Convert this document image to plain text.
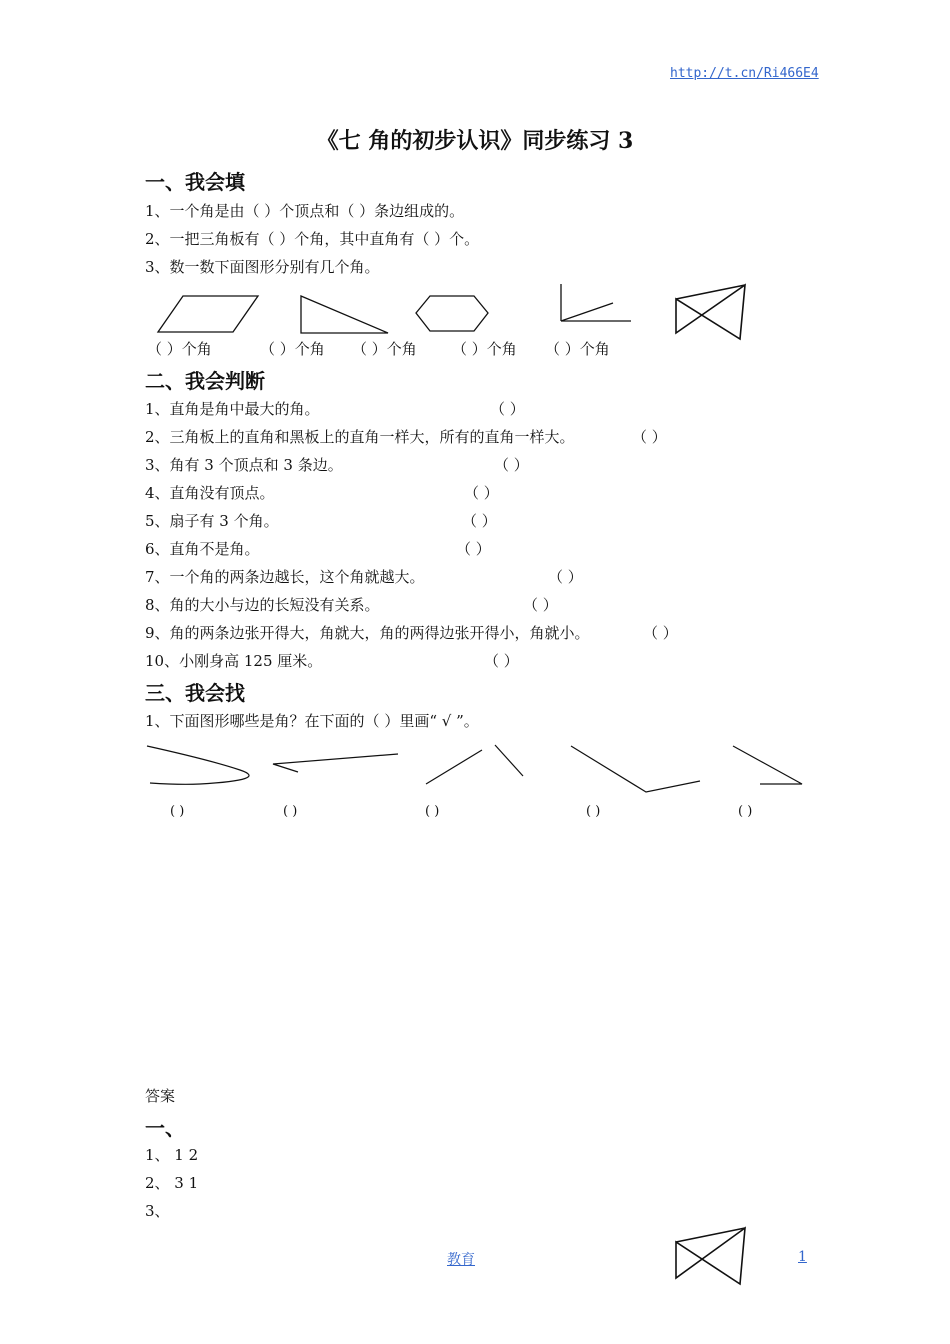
http://t.cn/Ri466E4
《七 角的初步认识》同步练习 3
一、我会填
1、一个角是由（ ）个顶点和（ ）条边组成的。
2、一把三角板有（ ）个角，其中直角有（ ）个。
3、数一数下面图形分别有几个角。
（ ）个角	（ ）个角 （ ）个角 （ ）个角 （ ）个角
二、我会判断
1、直角是角中最大的角。	（ ）
2、三角板上的直角和黑板上的直角一样大，所有的直角一样大。	（ ）
3、角有 3 个顶点和 3 条边。	（ ）
4、直角没有顶点。	（ ）
5、扇子有 3 个角。	（ ）
6、直角不是角。	（ ）
7、一个角的两条边越长，这个角就越大。	（ ）
8、角的大小与边的长短没有关系。	（ ）
9、角的两条边张开得大，角就大，角的两得边张开得小，角就小。	（ ）
10、小刚身高 125 厘米。	（ ）
三、我会找
1、下面图形哪些是角？在下面的（ ）里画“ √ ”。
( )	( )	( )	( )	( )
答案
一、
1、 1 2
2、 3 1
3、
教育	1
